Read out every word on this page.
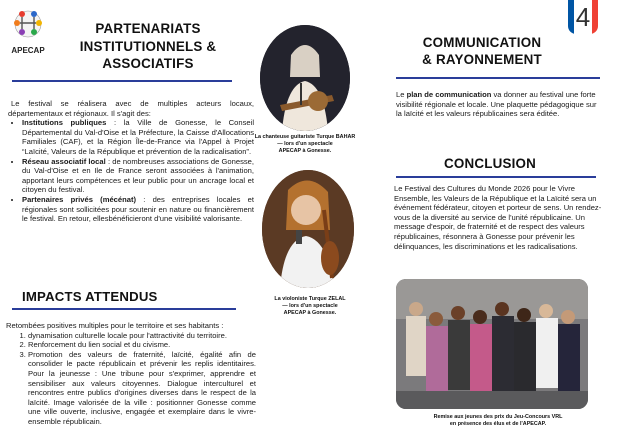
APECAP
PARTENARIATS
INSTITUTIONNELS &
ASSOCIATIFS
Le festival se réalisera avec de multiples acteurs locaux, départementaux et régionaux. Il s'agit des:
• Institutions publiques : la Ville de Gonesse, le Conseil Départemental du Val-d'Oise et la Préfecture, la Caisse d'Allocations Familiales (CAF), et la Région Île-de-France via l'Appel à Projet “Laïcité, Valeurs de la République et prévention de la radicalisation”.
• Réseau associatif local : de nombreuses associations de Gonesse, du Val-d'Oise et en Ile de France seront associées à l'animation, apportant leurs compétences et leur public pour un ancrage local et citoyen du festival.
• Partenaires privés (mécénat) : des entreprises locales et régionales sont sollicitées pour soutenir en nature ou financièrement le festival. En retour, ellesbénéficieront d'une visibilité valorisante.
IMPACTS ATTENDUS
Retombées positives multiples pour le territoire et ses habitants :
1. dynamisation culturelle locale pour l'attractivité du territoire.
2. Renforcement du lien social et du civisme.
3. Promotion des valeurs de fraternité, laïcité, égalité afin de consolider le pacte républicain et prévenir les replis identitaires. Pour la jeunesse : Une tribune pour s'exprimer, apprendre et sensibiliser aux valeurs citoyennes. Dialogue interculturel et rencontres entre publics d'origines diverses dans le respect de la laïcité. Image valorisée de la ville : positionner Gonesse comme une ville ouverte, inclusive, engagée et exemplaire dans le vivre-ensemble républicain.
La chanteuse guitariste Turque BAHAR
— lors d'un spectacle
APECAP à Gonesse.
La violoniste Turque ZELAL
— lors d'un spectacle
APECAP à Gonesse.
4
COMMUNICATION
& RAYONNEMENT
Le plan de communication va donner au festival une forte visibilité régionale et locale. Une plaquette pédagogique sur la laïcité et les valeurs républicaines sera éditée.
CONCLUSION
Le Festival des Cultures du Monde 2026 pour le Vivre Ensemble, les Valeurs de la République et la Laïcité sera un événement fédérateur, citoyen et porteur de sens. Un rendez-vous de la diversité au service de l'unité républicaine. Un message d'espoir, de fraternité et de respect des valeurs républicaines, résonnera à Gonesse pour prévenir les délinquances, les discriminations et les radicalisations.
Remise aux jeunes des prix du Jeu-Concours VRL
en présence des élus et de l'APECAP.
